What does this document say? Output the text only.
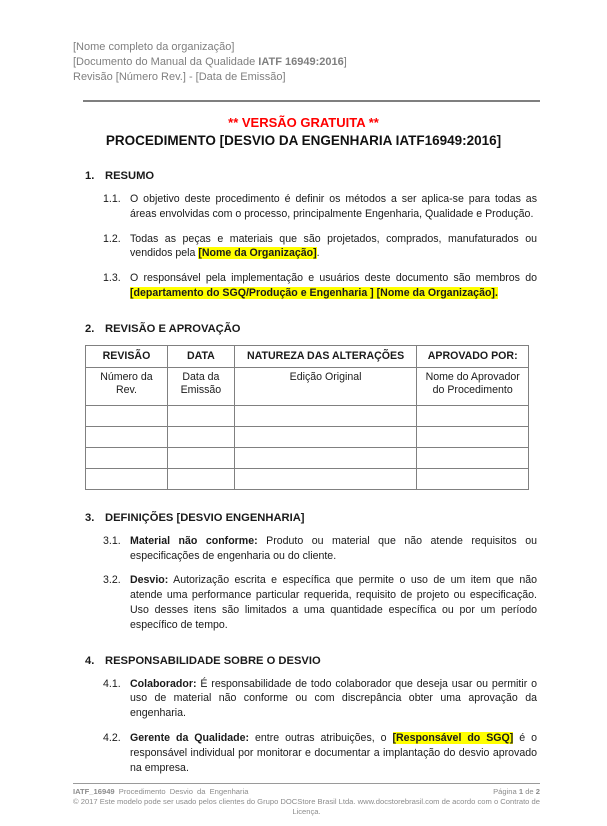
[Nome completo da organização]
[Documento do Manual da Qualidade IATF 16949:2016]
Revisão [Número Rev.] - [Data de Emissão]
** VERSÃO GRATUITA **
PROCEDIMENTO [DESVIO DA ENGENHARIA IATF16949:2016]
1. RESUMO
1.1. O objetivo deste procedimento é definir os métodos a ser aplica-se para todas as áreas envolvidas com o processo, principalmente Engenharia, Qualidade e Produção.
1.2. Todas as peças e materiais que são projetados, comprados, manufaturados ou vendidos pela [Nome da Organização].
1.3. O responsável pela implementação e usuários deste documento são membros do [departamento do SGQ/Produção e Engenharia ] [Nome da Organização].
2. REVISÃO E APROVAÇÃO
REVISÃO	DATA	NATUREZA DAS ALTERAÇÕES	APROVADO POR:
Número da Rev.	Data da Emissão	Edição Original	Nome do Aprovador do Procedimento

3. DEFINIÇÕES [DESVIO ENGENHARIA]
3.1. Material não conforme: Produto ou material que não atende requisitos ou especificações de engenharia ou do cliente.
3.2. Desvio: Autorização escrita e específica que permite o uso de um item que não atende uma performance particular requerida, requisito de projeto ou especificação. Uso desses itens são limitados a uma quantidade específica ou por um período específico de tempo.
4. RESPONSABILIDADE SOBRE O DESVIO
4.1. Colaborador: É responsabilidade de todo colaborador que deseja usar ou permitir o uso de material não conforme ou com discrepância obter uma aprovação da engenharia.
4.2. Gerente da Qualidade: entre outras atribuições, o [Responsável do SGQ] é o responsável individual por monitorar e documentar a implantação do desvio aprovado na empresa.
IATF_16949 Procedimento Desvio da Engenharia	Página 1 de 2
© 2017 Este modelo pode ser usado pelos clientes do Grupo DOCStore Brasil Ltda. www.docstorebrasil.com de acordo com o Contrato de Licença.
